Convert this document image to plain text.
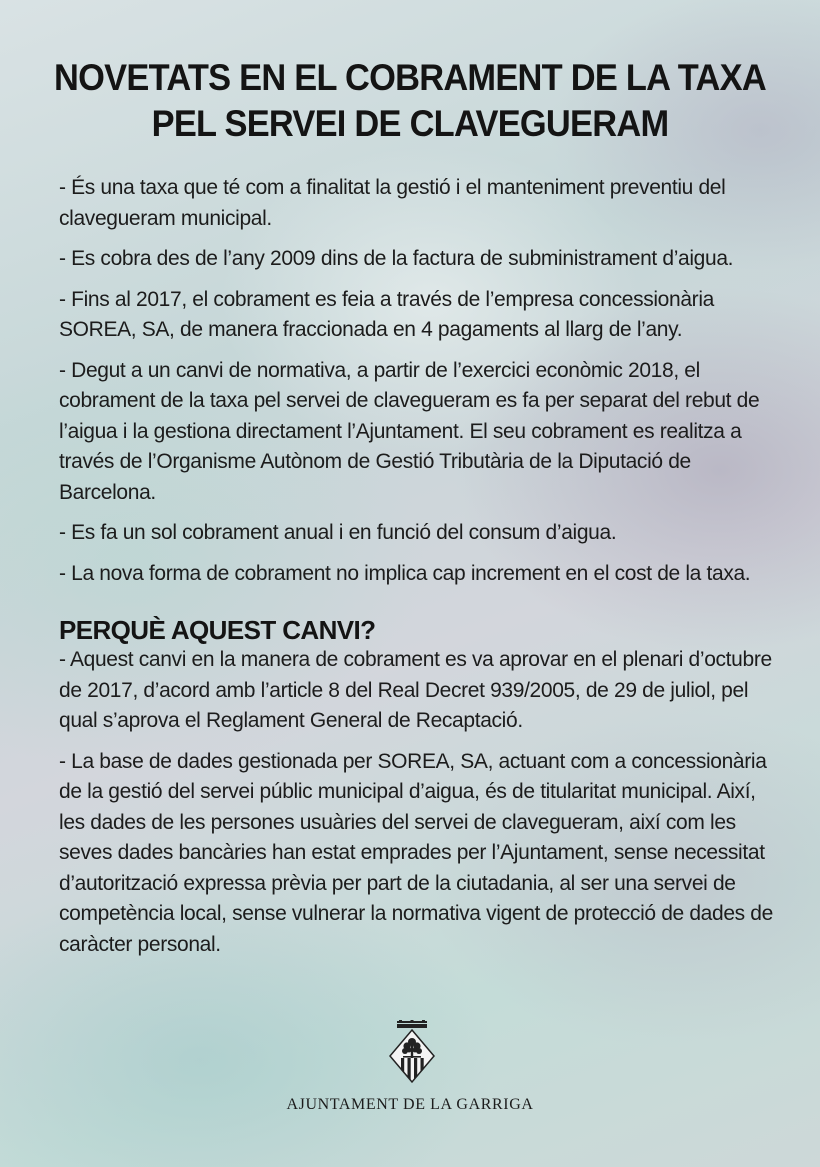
NOVETATS EN EL COBRAMENT DE LA TAXA
PEL SERVEI DE CLAVEGUERAM

- És una taxa que té com a finalitat la gestió i el manteniment preventiu del clavegueram municipal.

- Es cobra des de l’any 2009 dins de la factura de subministrament d’aigua.

- Fins al 2017, el cobrament es feia a través de l’empresa concessionària SOREA, SA, de manera fraccionada en 4 pagaments al llarg de l’any.

- Degut a un canvi de normativa, a partir de l’exercici econòmic 2018, el cobrament de la taxa pel servei de clavegueram es fa per separat del rebut de l’aigua i la gestiona directament l’Ajuntament. El seu cobrament es realitza a través de l’Organisme Autònom de Gestió Tributària de la Diputació de Barcelona.

- Es fa un sol cobrament anual i en funció del consum d’aigua.

- La nova forma de cobrament no implica cap increment en el cost de la taxa.

PERQUÈ AQUEST CANVI?

- Aquest canvi en la manera de cobrament es va aprovar en el plenari d’octubre de 2017, d’acord amb l’article 8 del Real Decret 939/2005, de 29 de juliol, pel qual s’aprova el Reglament General de Recaptació.

- La base de dades gestionada per SOREA, SA, actuant com a concessionària de la gestió del servei públic municipal d’aigua, és de titularitat municipal. Així, les dades de les persones usuàries del servei de clavegueram, així com les seves dades bancàries han estat emprades per l’Ajuntament, sense necessitat d’autorització expressa prèvia per part de la ciutadania, al ser una servei de competència local, sense vulnerar la normativa vigent de protecció de dades de caràcter personal.

AJUNTAMENT DE LA GARRIGA
